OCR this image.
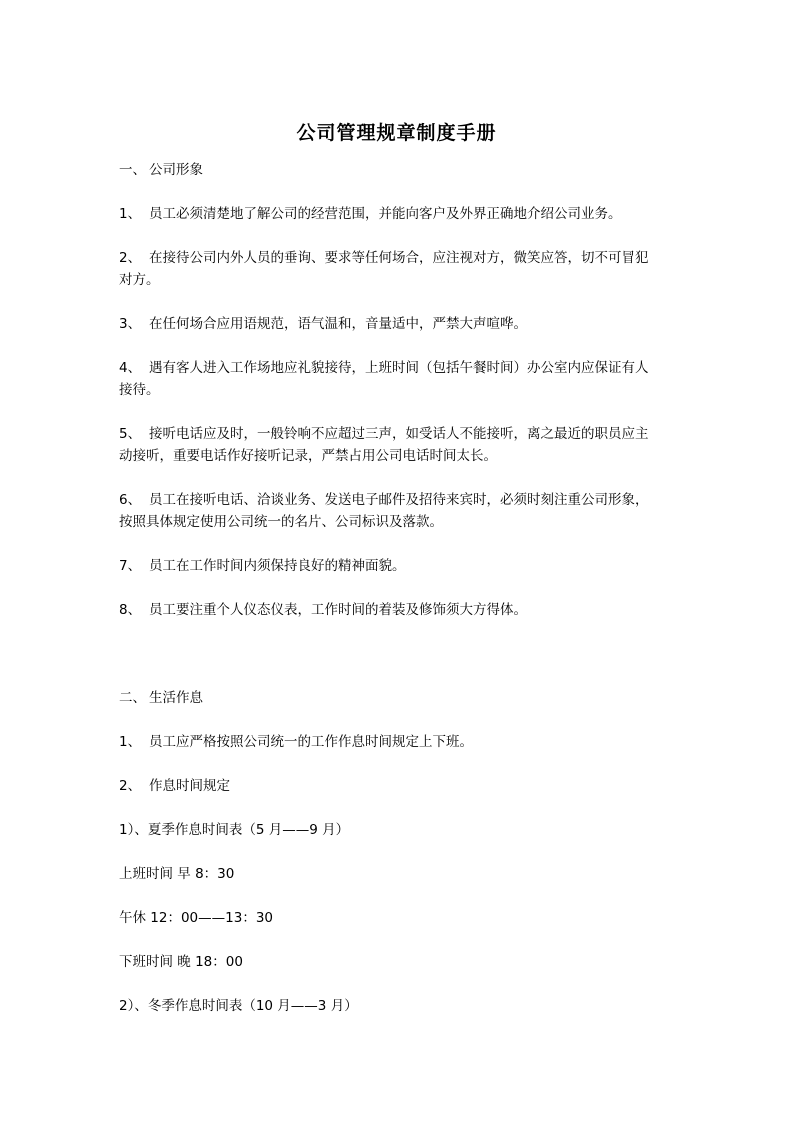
公司管理规章制度手册
一、 公司形象
1、 员工必须清楚地了解公司的经营范围，并能向客户及外界正确地介绍公司业务。
2、 在接待公司内外人员的垂询、要求等任何场合，应注视对方，微笑应答，切不可冒犯
对方。
3、 在任何场合应用语规范，语气温和，音量适中，严禁大声喧哗。
4、 遇有客人进入工作场地应礼貌接待，上班时间（包括午餐时间）办公室内应保证有人
接待。
5、 接听电话应及时，一般铃响不应超过三声，如受话人不能接听，离之最近的职员应主
动接听，重要电话作好接听记录，严禁占用公司电话时间太长。
6、 员工在接听电话、洽谈业务、发送电子邮件及招待来宾时，必须时刻注重公司形象，
按照具体规定使用公司统一的名片、公司标识及落款。
7、 员工在工作时间内须保持良好的精神面貌。
8、 员工要注重个人仪态仪表，工作时间的着装及修饰须大方得体。
二、 生活作息
1、 员工应严格按照公司统一的工作作息时间规定上下班。
2、 作息时间规定
1）、夏季作息时间表（5 月——9 月）
上班时间 早 8：30
午休 12：00——13：30
下班时间 晚 18：00
2）、冬季作息时间表（10 月——3 月）
